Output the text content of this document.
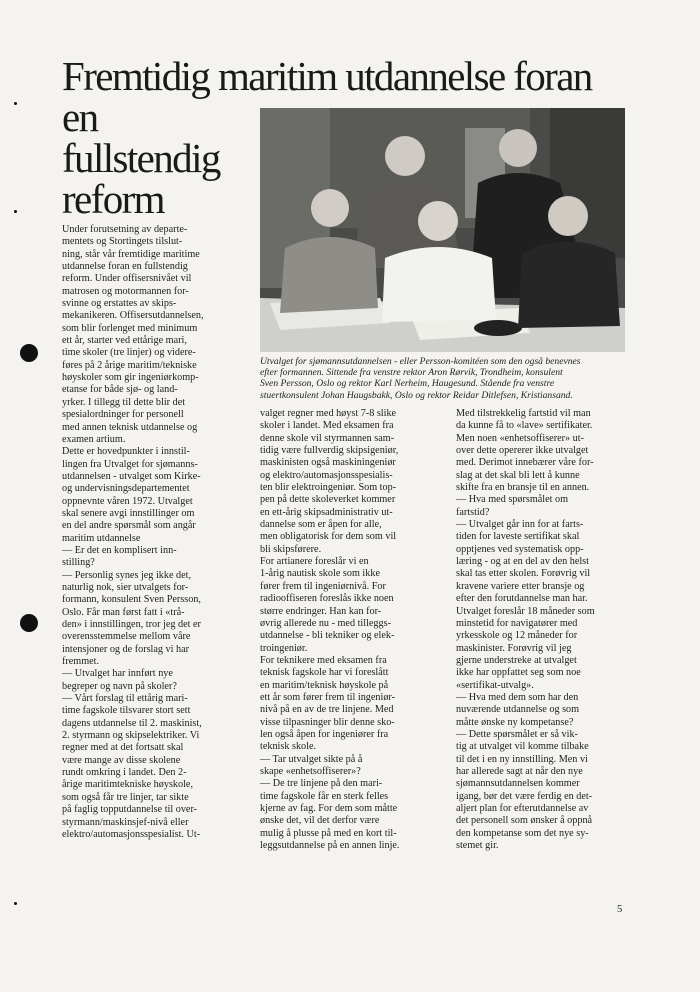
Fremtidig maritim utdannelse foran
en
fullstendig
reform
Utvalget for sjømannsutdannelsen - eller Persson-komitéen som den også benevnes
efter formannen. Sittende fra venstre rektor Aron Rørvik, Trondheim, konsulent
Sven Persson, Oslo og rektor Karl Nerheim, Haugesund. Stående fra venstre
stuertkonsulent Johan Haugsbakk, Oslo og rektor Reidar Ditlefsen, Kristiansand.
Under forutsetning av departe-
mentets og Stortingets tilslut-
ning, står vår fremtidige maritime
utdannelse foran en fullstendig
reform. Under offisersnivået vil
matrosen og motormannen for-
svinne og erstattes av skips-
mekanikeren. Offisersutdannelsen,
som blir forlenget med minimum
ett år, starter ved ettårige mari,
time skoler (tre linjer) og videre-
føres på 2 årige maritim/tekniske
høyskoler som gir ingeniørkomp-
etanse for både sjø- og land-
yrker. I tillegg til dette blir det
spesialordninger for personell
med annen teknisk utdannelse og
examen artium.
Dette er hovedpunkter i innstil-
lingen fra Utvalget for sjømanns-
utdannelsen - utvalget som Kirke-
og undervisningsdepartementet
oppnevnte våren 1972. Utvalget
skal senere avgi innstillinger om
en del andre spørsmål som angår
maritim utdannelse
— Er det en komplisert inn-
stilling?
— Personlig synes jeg ikke det,
naturlig nok, sier utvalgets for-
formann, konsulent Sven Persson,
Oslo. Får man først fatt i «trå-
den» i innstillingen, tror jeg det er
overensstemmelse mellom våre
intensjoner og de forslag vi har
fremmet.
— Utvalget har innført nye
begreper og navn på skoler?
— Vårt forslag til ettårig mari-
time fagskole tilsvarer stort sett
dagens utdannelse til 2. maskinist,
2. styrmann og skipselektriker. Vi
regner med at det fortsatt skal
være mange av disse skolene
rundt omkring i landet. Den 2-
årige maritimtekniske høyskole,
som også får tre linjer, tar sikte
på faglig topputdannelse til over-
styrmann/maskinsjef-nivå eller
elektro/automasjonsspesialist. Ut-
valget regner med høyst 7-8 slike
skoler i landet. Med eksamen fra
denne skole vil styrmannen sam-
tidig være fullverdig skipsigeniør,
maskinisten også maskiningeniør
og elektro/automasjonsspesialis-
ten blir elektroingeniør. Som top-
pen på dette skoleverket kommer
en ett-årig skipsadministrativ ut-
dannelse som er åpen for alle,
men obligatorisk for dem som vil
bli skipsførere.
For artianere foreslår vi en
1-årig nautisk skole som ikke
fører frem til ingeniørnivå. For
radiooffiseren foreslås ikke noen
større endringer. Han kan for-
øvrig allerede nu - med tilleggs-
utdannelse - bli tekniker og elek-
troingeniør.
For teknikere med eksamen fra
teknisk fagskole har vi foreslått
en maritim/teknisk høyskole på
ett år som fører frem til ingeniør-
nivå på en av de tre linjene. Med
visse tilpasninger blir denne sko-
len også åpen for ingeniører fra
teknisk skole.
— Tar utvalget sikte på å
skape «enhetsoffiserer»?
— De tre linjene på den mari-
time fagskole får en sterk felles
kjerne av fag. For dem som måtte
ønske det, vil det derfor være
mulig å plusse på med en kort til-
leggsutdannelse på en annen linje.
Med tilstrekkelig fartstid vil man
da kunne få to «lave» sertifikater.
Men noen «enhetsoffiserer» ut-
over dette opererer ikke utvalget
med. Derimot innebærer våre for-
slag at det skal bli lett å kunne
skifte fra en bransje til en annen.
— Hva med spørsmålet om
fartstid?
— Utvalget går inn for at farts-
tiden for laveste sertifikat skal
opptjenes ved systematisk opp-
læring - og at en del av den helst
skal tas etter skolen. Forøvrig vil
kravene variere etter bransje og
efter den forutdannelse man har.
Utvalget foreslår 18 måneder som
minstetid for navigatører med
yrkesskole og 12 måneder for
maskinister. Forøvrig vil jeg
gjerne understreke at utvalget
ikke har oppfattet seg som noe
«sertifikat-utvalg».
— Hva med dem som har den
nuværende utdannelse og som
måtte ønske ny kompetanse?
— Dette spørsmålet er så vik-
tig at utvalget vil komme tilbake
til det i en ny innstilling. Men vi
har allerede sagt at når den nye
sjømannsutdannelsen kommer
igang, bør det være ferdig en det-
aljert plan for efterutdannelse av
det personell som ønsker å oppnå
den kompetanse som det nye sy-
stemet gir.
5
